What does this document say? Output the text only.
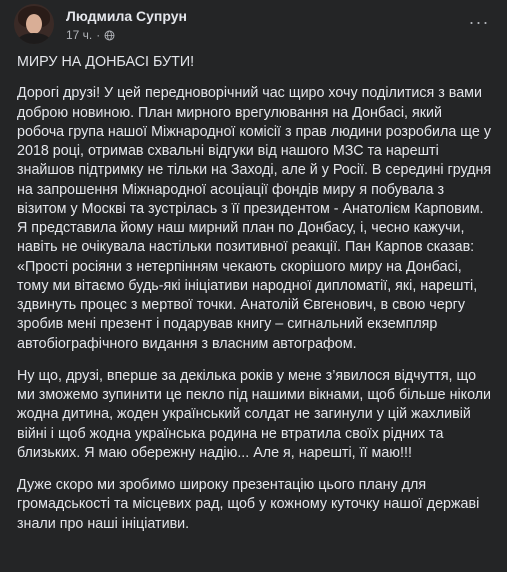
Людмила Супрун
17 ч. ·
···

МИРУ НА ДОНБАСІ БУТИ!

Дорогі друзі! У цей передноворічний час щиро хочу поділитися з вами доброю новиною. План мирного врегулювання на Донбасі, який робоча група нашої Міжнародної комісії з прав людини розробила ще у 2018 році, отримав схвальні відгуки від нашого МЗС та нарешті знайшов підтримку не тільки на Заході, але й у Росії. В середині грудня на запрошення Міжнародної асоціації фондів миру я побувала з візитом у Москві та зустрілась з її президентом - Анатолієм Карповим. Я представила йому наш мирний план по Донбасу, і, чесно кажучи, навіть не очікувала настільки позитивної реакції. Пан Карпов сказав: «Прості росіяни з нетерпінням чекають скорішого миру на Донбасі, тому ми вітаємо будь-які ініціативи народної дипломатії, які, нарешті, здвинуть процес з мертвої точки. Анатолій Євгенович, в свою чергу зробив мені презент і подарував книгу – сигнальний екземпляр автобіографічного видання з власним автографом.

Ну що, друзі, вперше за декілька років у мене з’явилося відчуття, що ми зможемо зупинити це пекло під нашими вікнами, щоб більше ніколи жодна дитина, жоден український солдат не загинули у цій жахливій війні і щоб жодна українська родина не втратила своїх рідних та близьких. Я маю обережну надію... Але я, нарешті, її маю!!!

Дуже скоро ми зробимо широку презентацію цього плану для громадськості та місцевих рад, щоб у кожному куточку нашої державі знали про наші ініціативи.
